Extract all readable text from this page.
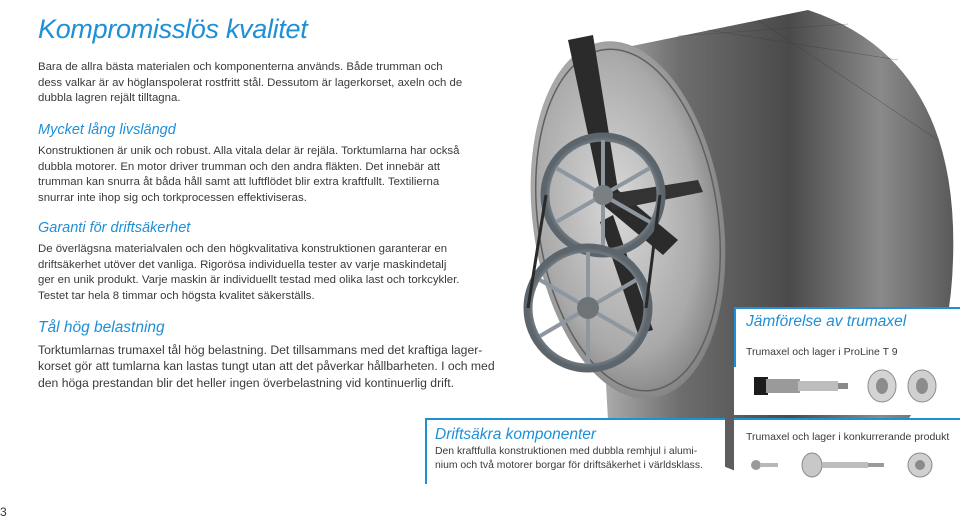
Kompromisslös kvalitet
Bara de allra bästa materialen och komponenterna används. Både trumman och
dess valkar är av höglanspolerat rostfritt stål. Dessutom är lagerkorset, axeln och de
dubbla lagren rejält tilltagna.
Mycket lång livslängd
Konstruktionen är unik och robust. Alla vitala delar är rejäla. Torktumlarna har också
dubbla motorer. En motor driver trumman och den andra fläkten. Det innebär att
trumman kan snurra åt båda håll samt att luftflödet blir extra kraftfullt. Textilierna
snurrar inte ihop sig och torkprocessen effektiviseras.
Garanti för driftsäkerhet
De överlägsna materialvalen och den högkvalitativa konstruktionen garanterar en
driftsäkerhet utöver det vanliga. Rigorösa individuella tester av varje maskindetalj
ger en unik produkt. Varje maskin är individuellt testad med olika last och torkcykler.
Testet tar hela 8 timmar och högsta kvalitet säkerställs.
Tål hög belastning
Torktumlarnas trumaxel tål hög belastning. Det tillsammans med det kraftiga lager-
korset gör att tumlarna kan lastas tungt utan att det påverkar hållbarheten. I och med
den höga prestandan blir det heller ingen överbelastning vid kontinuerlig drift.
Jämförelse av trumaxel
Trumaxel och lager i ProLine T 9
Trumaxel och lager i konkurrerande produkt
Driftsäkra komponenter
Den kraftfulla konstruktionen med dubbla remhjul i alumi-
nium och två motorer borgar för driftsäkerhet i världsklass.
3
